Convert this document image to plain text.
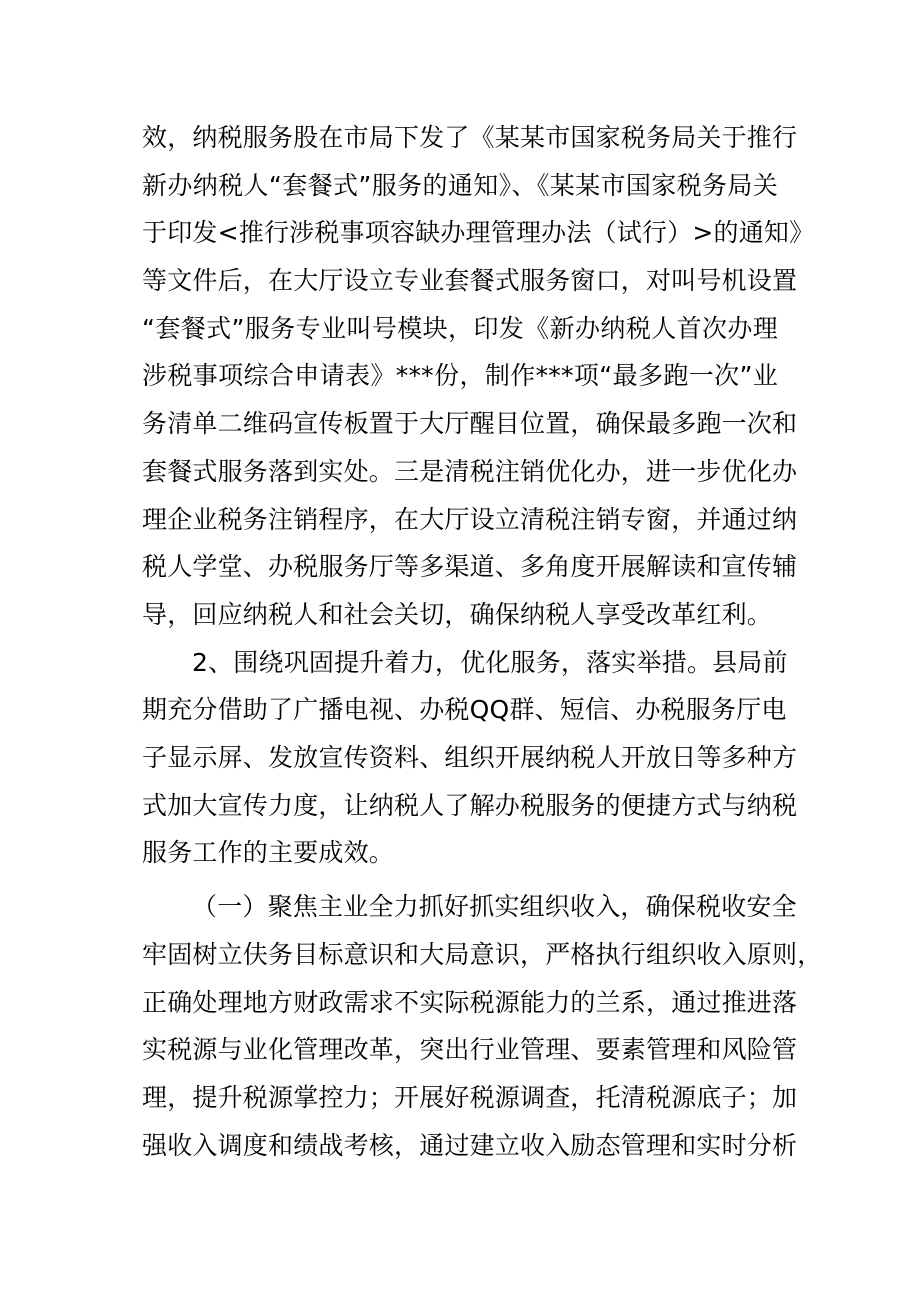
效，纳税服务股在市局下发了《某某市国家税务局关于推行
新办纳税人“套餐式”服务的通知》、《某某市国家税务局关
于印发<推行涉税事项容缺办理管理办法（试行）>的通知》
等文件后，在大厅设立专业套餐式服务窗口，对叫号机设置
“套餐式”服务专业叫号模块，印发《新办纳税人首次办理
涉税事项综合申请表》***份，制作***项“最多跑一次”业
务清单二维码宣传板置于大厅醒目位置，确保最多跑一次和
套餐式服务落到实处。三是清税注销优化办，进一步优化办
理企业税务注销程序，在大厅设立清税注销专窗，并通过纳
税人学堂、办税服务厅等多渠道、多角度开展解读和宣传辅
导，回应纳税人和社会关切，确保纳税人享受改革红利。
2、围绕巩固提升着力，优化服务，落实举措。县局前
期充分借助了广播电视、办税QQ群、短信、办税服务厅电
子显示屏、发放宣传资料、组织开展纳税人开放日等多种方
式加大宣传力度，让纳税人了解办税服务的便捷方式与纳税
服务工作的主要成效。
（一）聚焦主业全力抓好抓实组织收入，确保税收安全
牢固树立伕务目标意识和大局意识，严格执行组织收入原则，
正确处理地方财政需求不实际税源能力的兰系，通过推进落
实税源与业化管理改革，突出行业管理、要素管理和风险管
理，提升税源掌控力；开展好税源调查，托清税源底子；加
强收入调度和绩战考核，通过建立收入励态管理和实时分析
